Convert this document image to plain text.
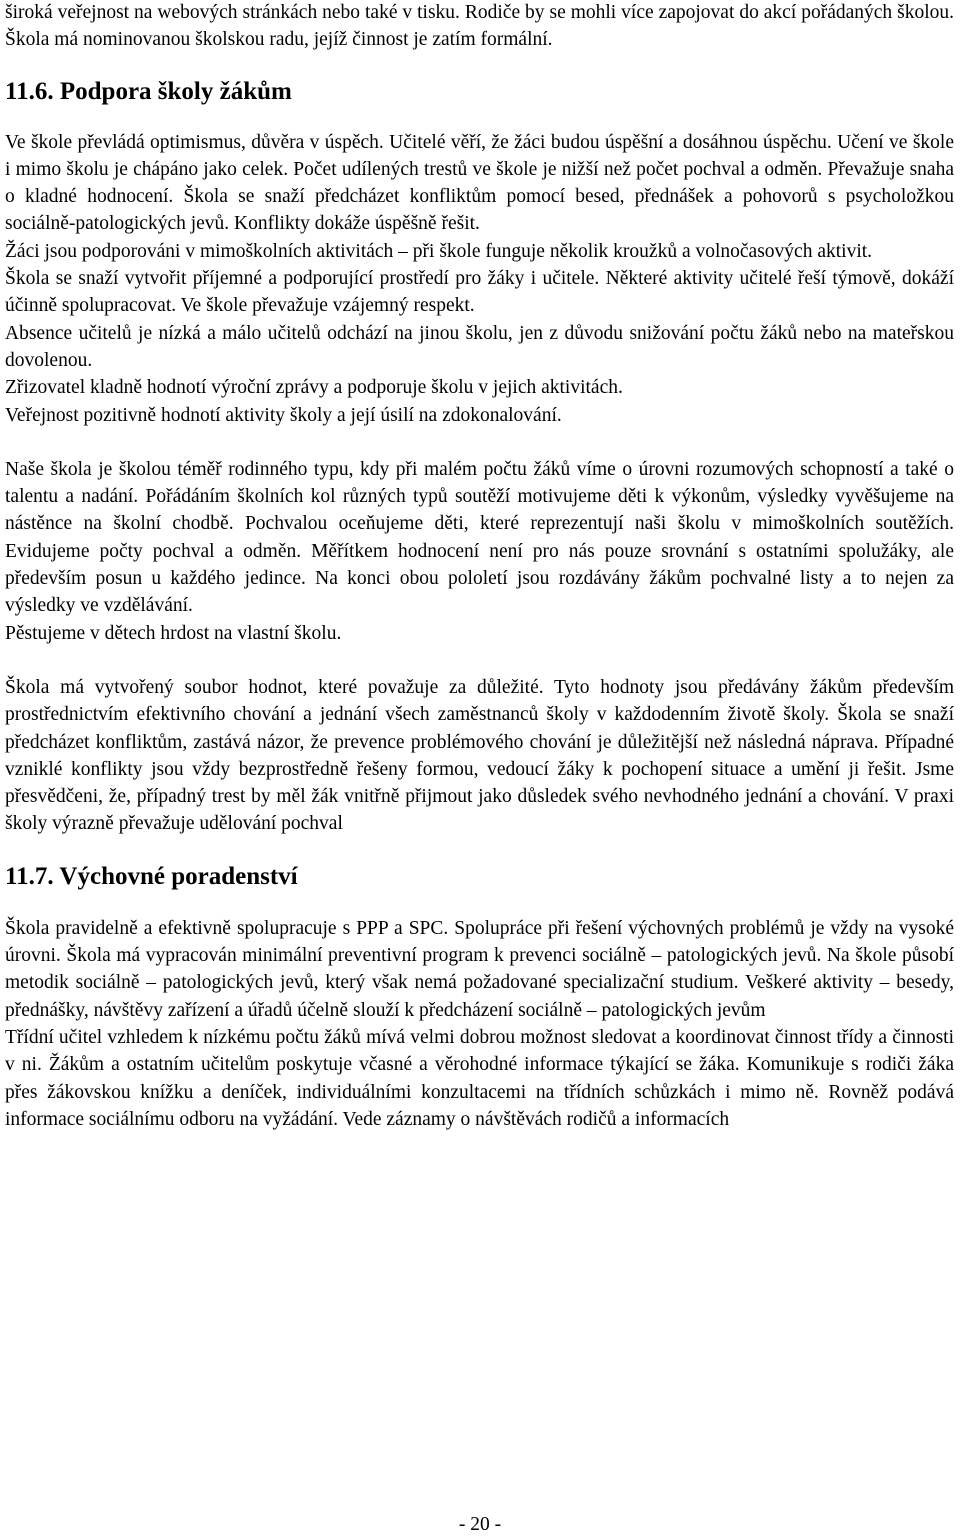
široká veřejnost na webových stránkách nebo také v tisku. Rodiče by se mohli více zapojovat do akcí pořádaných školou. Škola má nominovanou školskou radu, jejíž činnost je zatím formální.

11.6. Podpora školy žákům

Ve škole převládá optimismus, důvěra v úspěch. Učitelé věří, že žáci budou úspěšní a dosáhnou úspěchu. Učení ve škole i mimo školu je chápáno jako celek. Počet udílených trestů ve škole je nižší než počet pochval a odměn. Převažuje snaha o kladné hodnocení. Škola se snaží předcházet konfliktům pomocí besed, přednášek a pohovorů s psycholožkou sociálně-patologických jevů. Konflikty dokáže úspěšně řešit.

Žáci jsou podporováni v mimoškolních aktivitách – při škole funguje několik kroužků a volnočasových aktivit.

Škola se snaží vytvořit příjemné a podporující prostředí pro žáky i učitele. Některé aktivity učitelé řeší týmově, dokáží účinně spolupracovat. Ve škole převažuje vzájemný respekt.

Absence učitelů je nízká a málo učitelů odchází na jinou školu, jen z důvodu snižování počtu žáků nebo na mateřskou dovolenou.

Zřizovatel kladně hodnotí výroční zprávy a podporuje školu v jejich aktivitách.

Veřejnost pozitivně hodnotí aktivity školy a její úsilí na zdokonalování.

Naše škola je školou téměř rodinného typu, kdy při malém počtu žáků víme o úrovni rozumových schopností a také o talentu a nadání. Pořádáním školních kol různých typů soutěží motivujeme děti k výkonům, výsledky vyvěšujeme na nástěnce na školní chodbě. Pochvalou oceňujeme děti, které reprezentují naši školu v mimoškolních soutěžích. Evidujeme počty pochval a odměn. Měřítkem hodnocení není pro nás pouze srovnání s ostatními spolužáky, ale především posun u každého jedince. Na konci obou pololetí jsou rozdávány žákům pochvalné listy a to nejen za výsledky ve vzdělávání.

Pěstujeme v dětech hrdost na vlastní školu.

Škola má vytvořený soubor hodnot, které považuje za důležité. Tyto hodnoty jsou předávány žákům především prostřednictvím efektivního chování a jednání všech zaměstnanců školy v každodenním životě školy. Škola se snaží předcházet konfliktům, zastává názor, že prevence problémového chování je důležitější než následná náprava. Případné vzniklé konflikty jsou vždy bezprostředně řešeny formou, vedoucí žáky k pochopení situace a umění ji řešit. Jsme přesvědčeni, že, případný trest by měl žák vnitřně přijmout jako důsledek svého nevhodného jednání a chování. V praxi školy výrazně převažuje udělování pochval

11.7. Výchovné poradenství

Škola pravidelně a efektivně spolupracuje s PPP a SPC. Spolupráce při řešení výchovných problémů je vždy na vysoké úrovni. Škola má vypracován minimální preventivní program k prevenci sociálně – patologických jevů. Na škole působí metodik sociálně – patologických jevů, který však nemá požadované specializační studium. Veškeré aktivity – besedy, přednášky, návštěvy zařízení a úřadů účelně slouží k předcházení sociálně – patologických jevům

Třídní učitel vzhledem k nízkému počtu žáků mívá velmi dobrou možnost sledovat a koordinovat činnost třídy a činnosti v ni. Žákům a ostatním učitelům poskytuje včasné a věrohodné informace týkající se žáka. Komunikuje s rodiči žáka přes žákovskou knížku a deníček, individuálními konzultacemi na třídních schůzkách i mimo ně. Rovněž podává informace sociálnímu odboru na vyžádání. Vede záznamy o návštěvách rodičů a informacích

- 20 -
